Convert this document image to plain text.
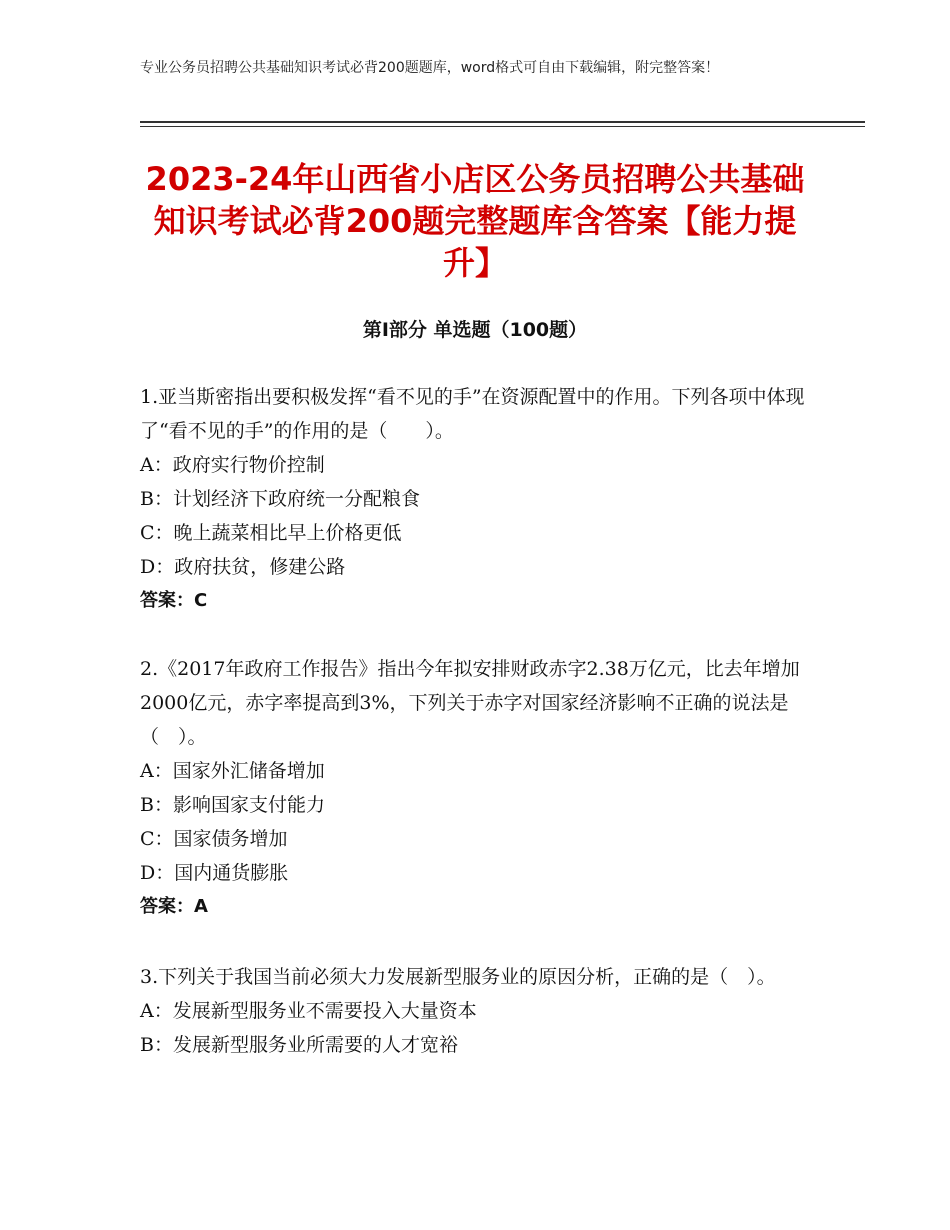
专业公务员招聘公共基础知识考试必背200题题库，word格式可自由下载编辑，附完整答案！
2023-24年山西省小店区公务员招聘公共基础知识考试必背200题完整题库含答案【能力提升】
第Ⅰ部分 单选题（100题）
1.亚当斯密指出要积极发挥“看不见的手”在资源配置中的作用。下列各项中体现了“看不见的手”的作用的是（　　）。
A：政府实行物价控制
B：计划经济下政府统一分配粮食
C：晚上蔬菜相比早上价格更低
D：政府扶贫，修建公路
答案：C
2.《2017年政府工作报告》指出今年拟安排财政赤字2.38万亿元，比去年增加2000亿元，赤字率提高到3%，下列关于赤字对国家经济影响不正确的说法是（　）。
A：国家外汇储备增加
B：影响国家支付能力
C：国家债务增加
D：国内通货膨胀
答案：A
3.下列关于我国当前必须大力发展新型服务业的原因分析，正确的是（　）。
A：发展新型服务业不需要投入大量资本
B：发展新型服务业所需要的人才宽裕
